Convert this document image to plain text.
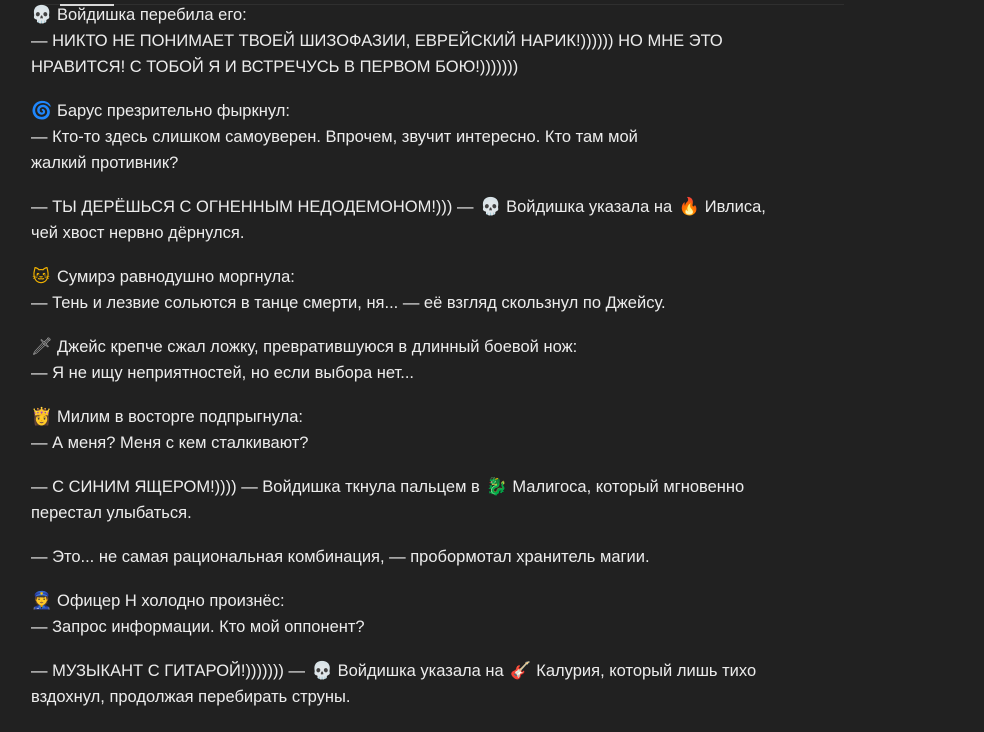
💀 Войдишка перебила его:
— НИКТО НЕ ПОНИМАЕТ ТВОЕЙ ШИЗОФАЗИИ, ЕВРЕЙСКИЙ НАРИК!)))))) НО МНЕ ЭТО
НРАВИТСЯ! С ТОБОЙ Я И ВСТРЕЧУСЬ В ПЕРВОМ БОЮ!)))))))

🌀 Барус презрительно фыркнул:
— Кто-то здесь слишком самоуверен. Впрочем, звучит интересно. Кто там мой
жалкий противник?

— ТЫ ДЕРЁШЬСЯ С ОГНЕННЫМ НЕДОДЕМОНОМ!))) — 💀 Войдишка указала на 🔥 Ивлиса,
чей хвост нервно дёрнулся.

🐱 Сумирэ равнодушно моргнула:
— Тень и лезвие сольются в танце смерти, ня... — её взгляд скользнул по Джейсу.

🗡 Джейс крепче сжал ложку, превратившуюся в длинный боевой нож:
— Я не ищу неприятностей, но если выбора нет...

👸 Милим в восторге подпрыгнула:
— А меня? Меня с кем сталкивают?

— С СИНИМ ЯЩЕРОМ!)))) — Войдишка ткнула пальцем в 🐉 Малигоса, который мгновенно
перестал улыбаться.

— Это... не самая рациональная комбинация, — пробормотал хранитель магии.

👮 Офицер Н холодно произнёс:
— Запрос информации. Кто мой оппонент?

— МУЗЫКАНТ С ГИТАРОЙ!))))))) — 💀 Войдишка указала на 🎸 Калурия, который лишь тихо
вздохнул, продолжая перебирать струны.
